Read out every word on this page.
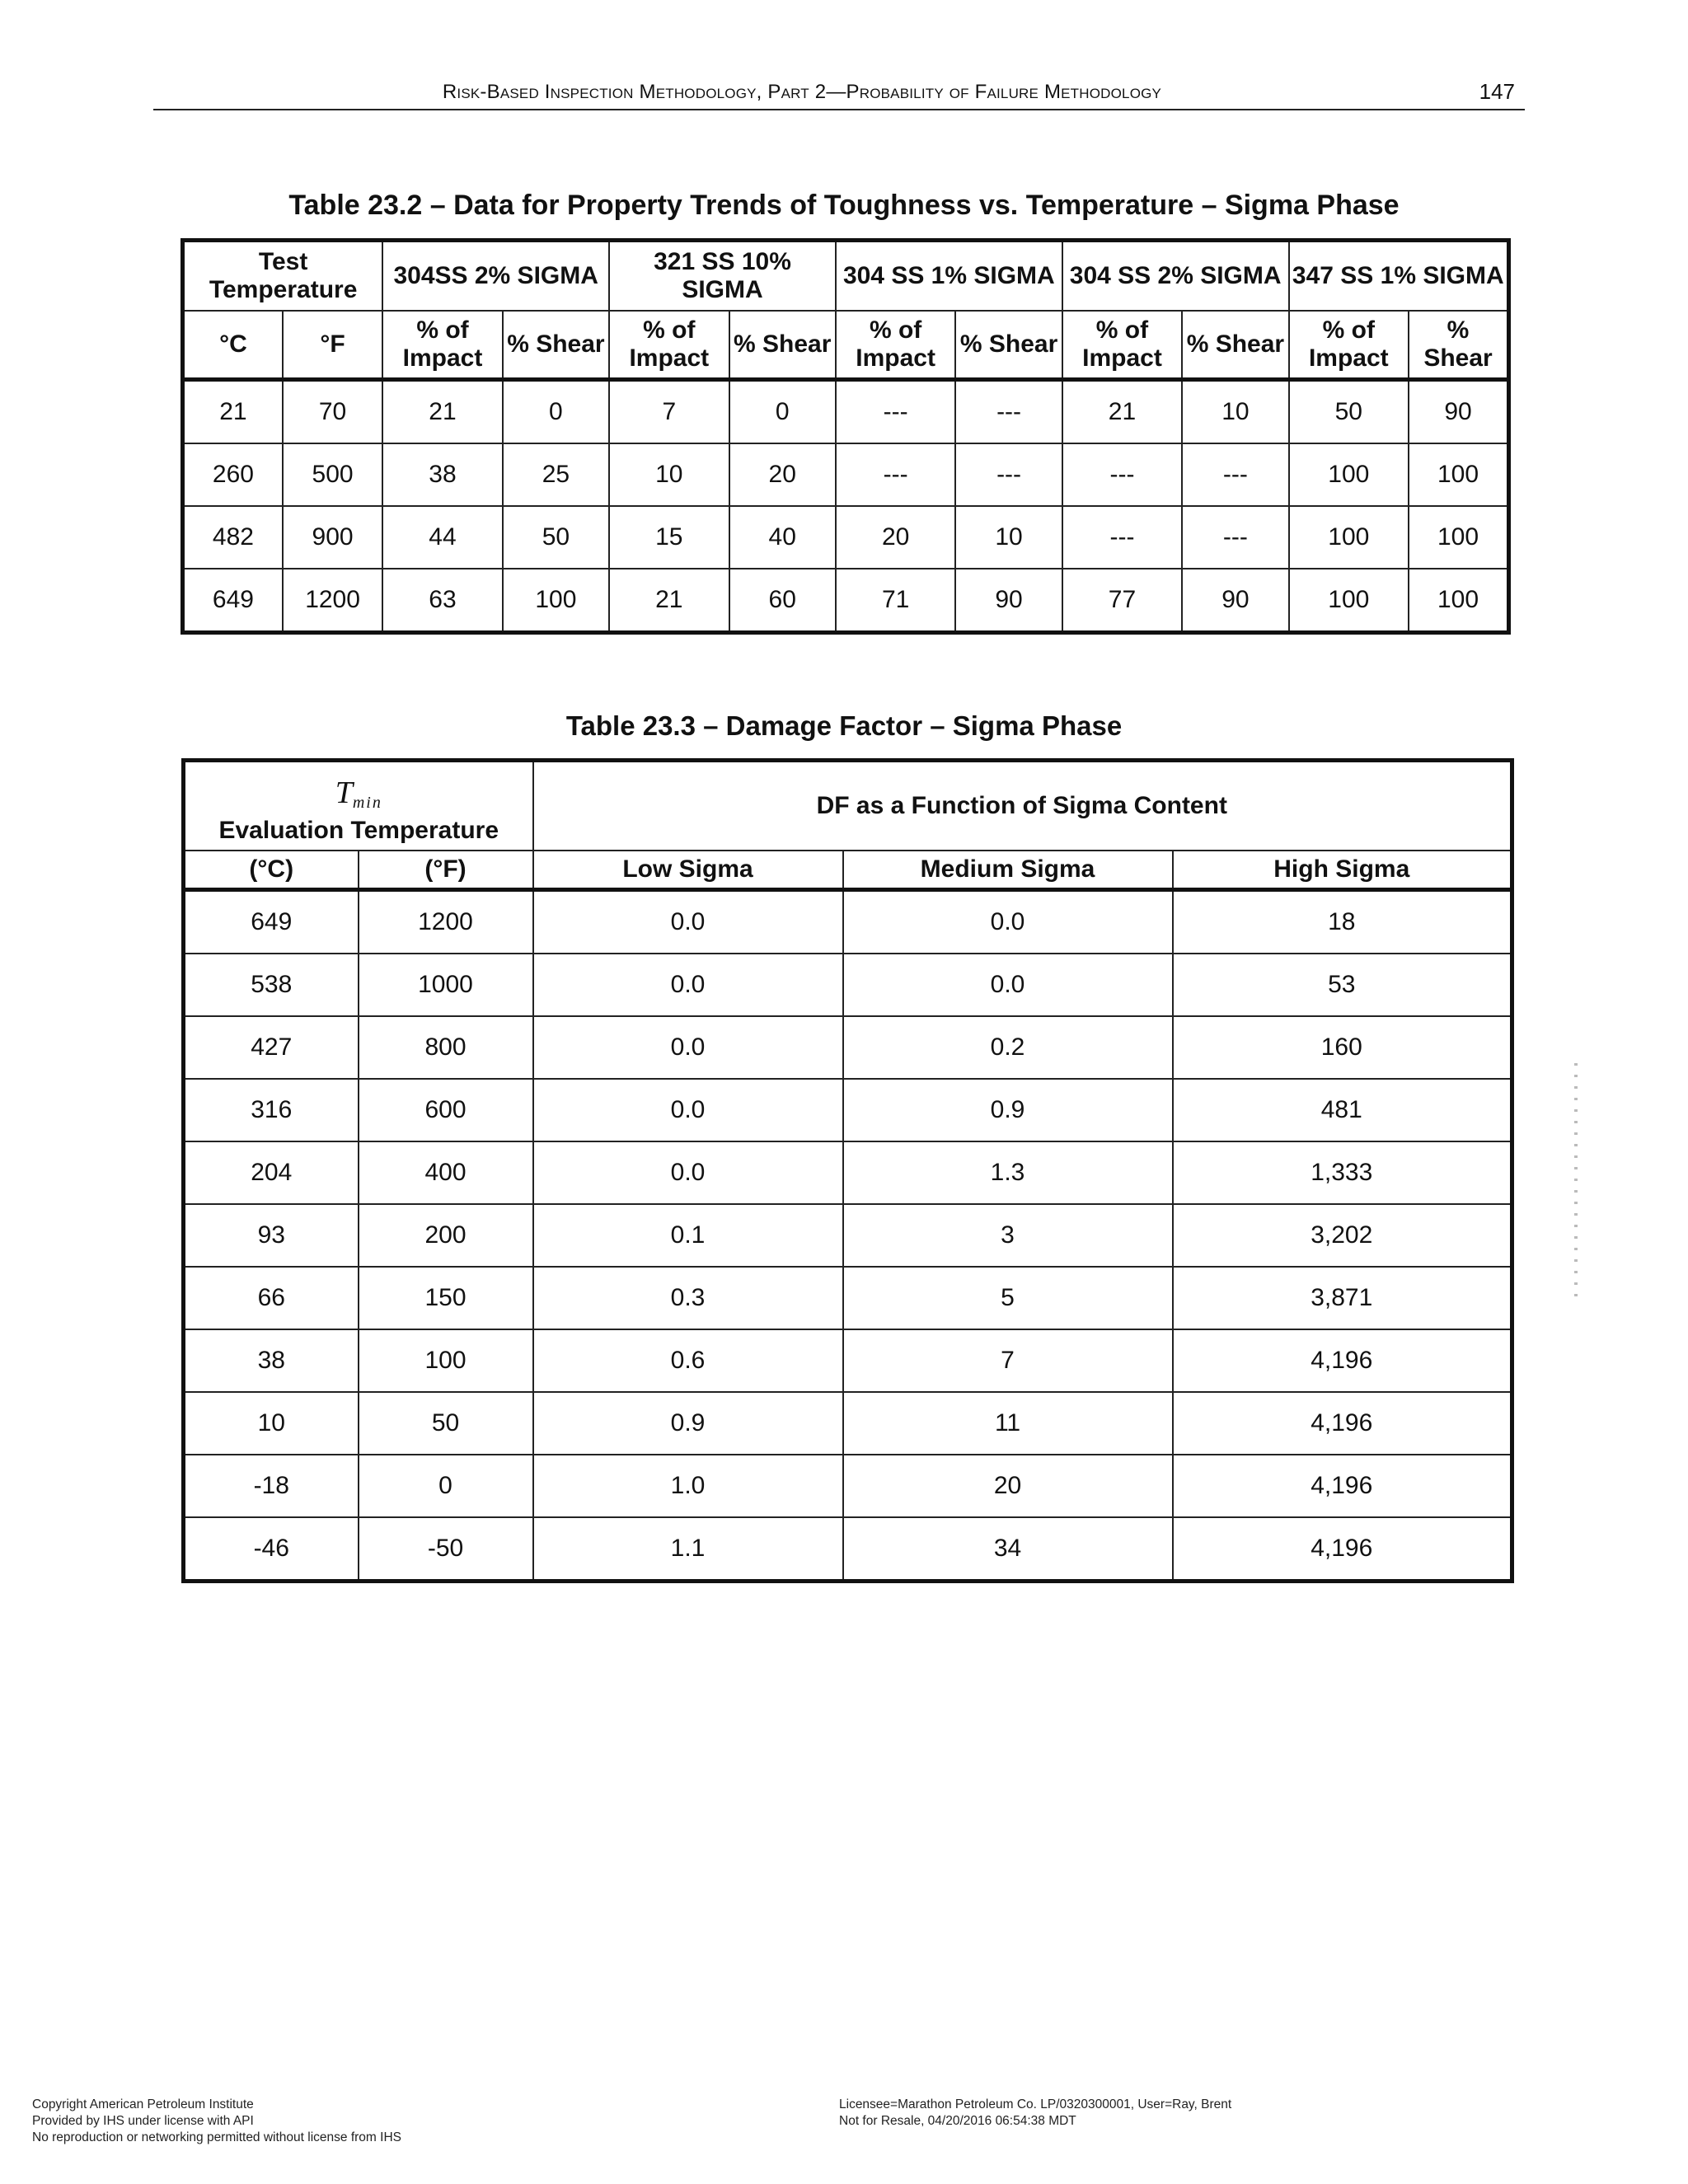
Risk-Based Inspection Methodology, Part 2—Probability of Failure Methodology	147
Table 23.2 – Data for Property Trends of Toughness vs. Temperature – Sigma Phase
Test Temperature		304SS 2% SIGMA		321 SS 10% SIGMA		304 SS 1% SIGMA		304 SS 2% SIGMA		347 SS 1% SIGMA	
°C	°F	% of Impact	% Shear	% of Impact	% Shear	% of Impact	% Shear	% of Impact	% Shear	% of Impact	% Shear
21	70	21	0	7	0	---	---	21	10	50	90
260	500	38	25	10	20	---	---	---	---	100	100
482	900	44	50	15	40	20	10	---	---	100	100
649	1200	63	100	21	60	71	90	77	90	100	100
Table 23.3 – Damage Factor – Sigma Phase
$T_{min}$
Evaluation Temperature		DF as a Function of Sigma Content		
(°C)	(°F)	Low Sigma	Medium Sigma	High Sigma
649	1200	0.0	0.0	18
538	1000	0.0	0.0	53
427	800	0.0	0.2	160
316	600	0.0	0.9	481
204	400	0.0	1.3	1,333
93	200	0.1	3	3,202
66	150	0.3	5	3,871
38	100	0.6	7	4,196
10	50	0.9	11	4,196
-18	0	1.0	20	4,196
-46	-50	1.1	34	4,196
Copyright American Petroleum Institute
Provided by IHS under license with API
No reproduction or networking permitted without license from IHS
Licensee=Marathon Petroleum Co. LP/0320300001, User=Ray, Brent
Not for Resale, 04/20/2016 06:54:38 MDT
